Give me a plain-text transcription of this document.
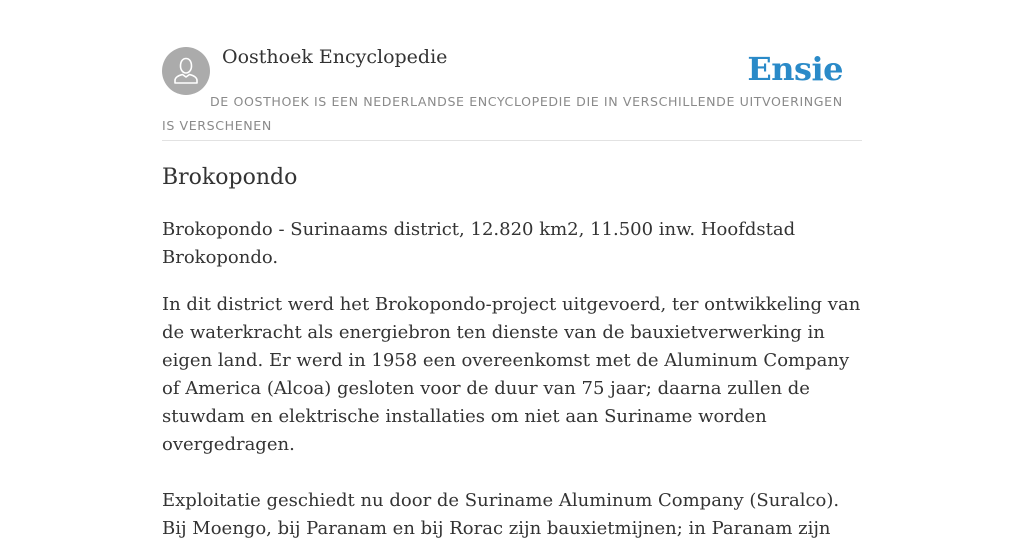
Oosthoek Encyclopedie	Ensie

DE OOSTHOEK IS EEN NEDERLANDSE ENCYCLOPEDIE DIE IN VERSCHILLENDE UITVOERINGEN IS VERSCHENEN

Brokopondo

Brokopondo - Surinaams district, 12.820 km2, 11.500 inw. Hoofdstad Brokopondo.

In dit district werd het Brokopondo-project uitgevoerd, ter ontwikkeling van de waterkracht als energiebron ten dienste van de bauxietverwerking in eigen land. Er werd in 1958 een overeenkomst met de Aluminum Company of America (Alcoa) gesloten voor de duur van 75 jaar; daarna zullen de stuwdam en elektrische installaties om niet aan Suriname worden overgedragen.

Exploitatie geschiedt nu door de Suriname Aluminum Company (Suralco). Bij Moengo, bij Paranam en bij Rorac zijn bauxietmijnen; in Paranam zijn
